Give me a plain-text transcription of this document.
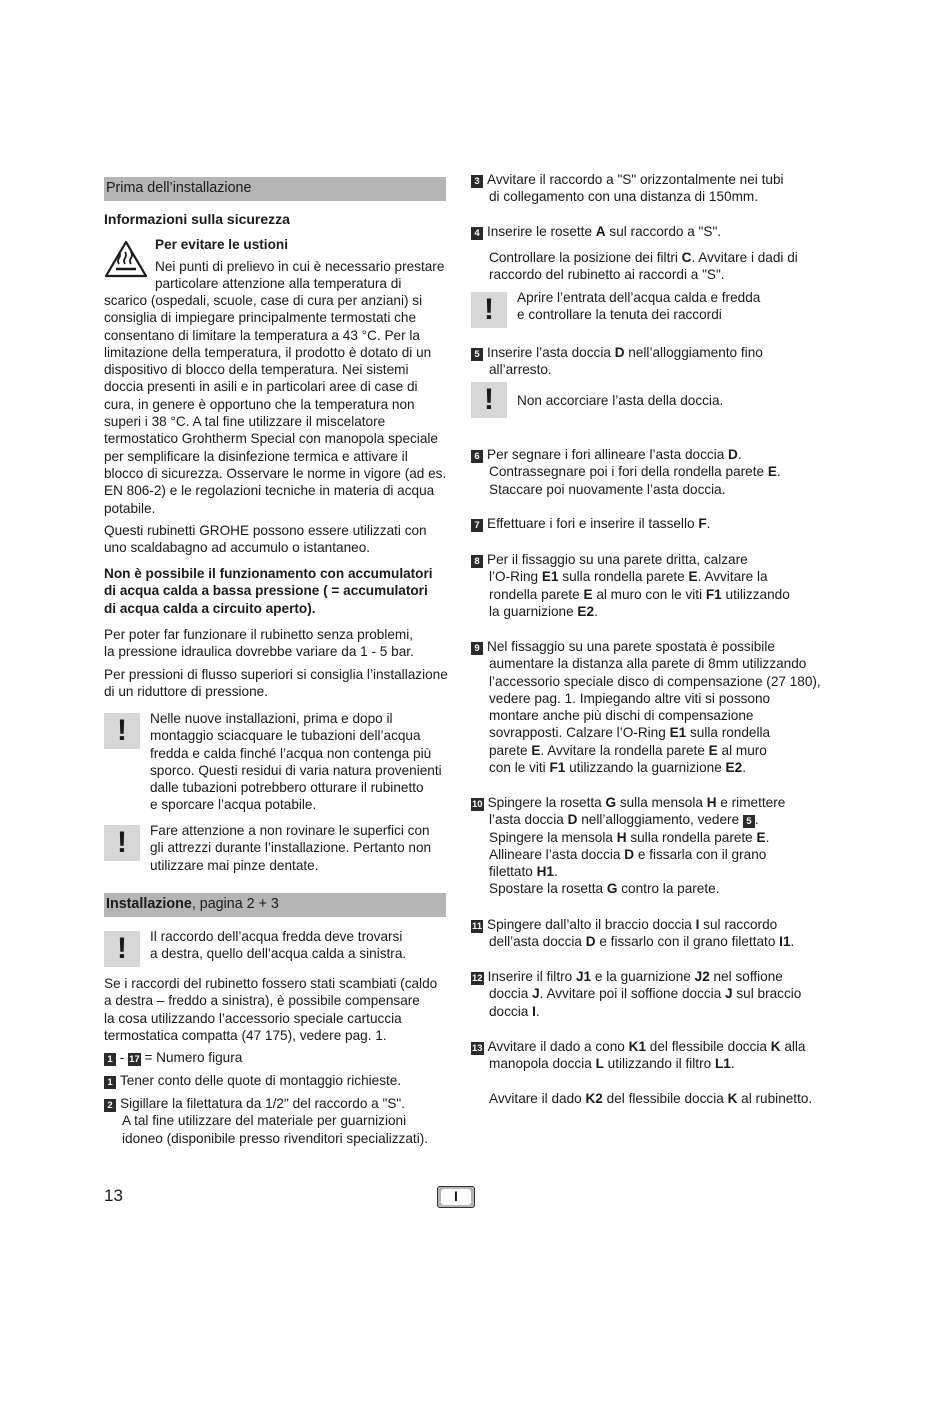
Prima dell’installazione
Informazioni sulla sicurezza
Per evitare le ustioni

Nei punti di prelievo in cui è necessario prestare

particolare attenzione alla temperatura di

scarico (ospedali, scuole, case di cura per anziani) si

consiglia di impiegare principalmente termostati che

consentano di limitare la temperatura a 43 °C. Per la

limitazione della temperatura, il prodotto è dotato di un

dispositivo di blocco della temperatura. Nei sistemi

doccia presenti in asili e in particolari aree di case di

cura, in genere è opportuno che la temperatura non

superi i 38 °C. A tal fine utilizzare il miscelatore

termostatico Grohtherm Special con manopola speciale

per semplificare la disinfezione termica e attivare il

blocco di sicurezza. Osservare le norme in vigore (ad es.

EN 806-2) e le regolazioni tecniche in materia di acqua

potabile.

Questi rubinetti GROHE possono essere utilizzati con

uno scaldabagno ad accumulo o istantaneo.

Non è possibile il funzionamento con accumulatori

di acqua calda a bassa pressione ( = accumulatori

di acqua calda a circuito aperto).

Per poter far funzionare il rubinetto senza problemi,

la pressione idraulica dovrebbe variare da 1 - 5 bar.

Per pressioni di flusso superiori si consiglia l’installazione

di un riduttore di pressione.

! Nelle nuove installazioni, prima e dopo il

montaggio sciacquare le tubazioni dell’acqua

fredda e calda finché l’acqua non contenga più

sporco. Questi residui di varia natura provenienti

dalle tubazioni potrebbero otturare il rubinetto

e sporcare l’acqua potabile.

! Fare attenzione a non rovinare le superfici con

gli attrezzi durante l’installazione. Pertanto non

utilizzare mai pinze dentate.

Installazione, pagina 2 + 3
! Il raccordo dell’acqua fredda deve trovarsi

a destra, quello dell’acqua calda a sinistra.

Se i raccordi del rubinetto fossero stati scambiati (caldo

a destra – freddo a sinistra), è possibile compensare

la cosa utilizzando l’accessorio speciale cartuccia

termostatica compatta (47 175), vedere pag. 1.

1 - 17 = Numero figura
1 Tener conto delle quote di montaggio richieste.
2 Sigillare la filettatura da 1/2" del raccordo a "S".
A tal fine utilizzare del materiale per guarnizioni
idoneo (disponibile presso rivenditori specializzati).
3 Avvitare il raccordo a "S" orizzontalmente nei tubi
di collegamento con una distanza di 150mm.
4 Inserire le rosette A sul raccordo a "S".
Controllare la posizione dei filtri C. Avvitare i dadi di
raccordo del rubinetto ai raccordi a "S".
! Aprire l’entrata dell’acqua calda e fredda

e controllare la tenuta dei raccordi

5 Inserire l’asta doccia D nell’alloggiamento fino
all’arresto.
! Non accorciare l’asta della doccia.

6 Per segnare i fori allineare l’asta doccia D.
Contrassegnare poi i fori della rondella parete E.
Staccare poi nuovamente l’asta doccia.
7 Effettuare i fori e inserire il tassello F.
8 Per il fissaggio su una parete dritta, calzare
l’O-Ring E1 sulla rondella parete E. Avvitare la
rondella parete E al muro con le viti F1 utilizzando
la guarnizione E2.
9 Nel fissaggio su una parete spostata è possibile
aumentare la distanza alla parete di 8mm utilizzando
l’accessorio speciale disco di compensazione (27 180),
vedere pag. 1. Impiegando altre viti si possono
montare anche più dischi di compensazione
sovrapposti. Calzare l’O-Ring E1 sulla rondella
parete E. Avvitare la rondella parete E al muro
con le viti F1 utilizzando la guarnizione E2.
10 Spingere la rosetta G sulla mensola H e rimettere
l’asta doccia D nell’alloggiamento, vedere 5 .
Spingere la mensola H sulla rondella parete E.
Allineare l’asta doccia D e fissarla con il grano
filettato H1.
Spostare la rosetta G contro la parete.
11 Spingere dall’alto il braccio doccia I sul raccordo
dell’asta doccia D e fissarlo con il grano filettato I1.
12 Inserire il filtro J1 e la guarnizione J2 nel soffione
doccia J. Avvitare poi il soffione doccia J sul braccio
doccia I.
13 Avvitare il dado a cono K1 del flessibile doccia K alla
manopola doccia L utilizzando il filtro L1.
Avvitare il dado K2 del flessibile doccia K al rubinetto.
13	I
